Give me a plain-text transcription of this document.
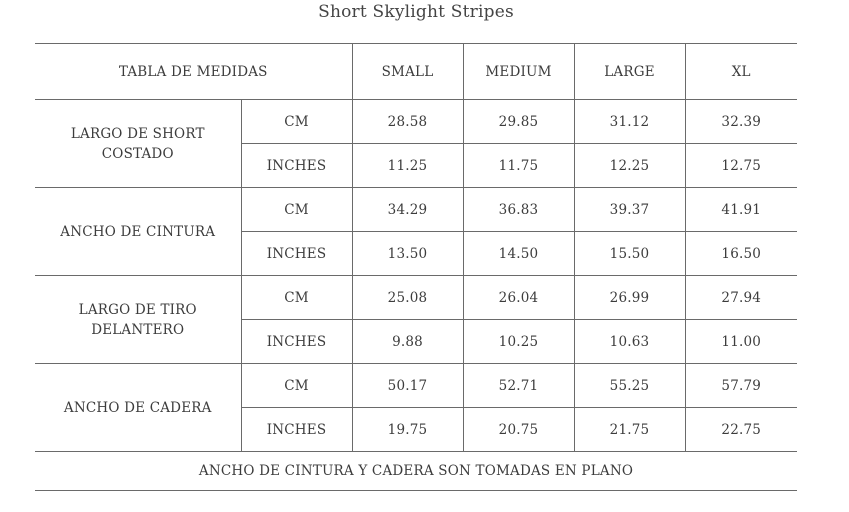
Short Skylight Stripes
TABLA DE MEDIDAS		SMALL	MEDIUM	LARGE	XL
LARGO DE SHORT
COSTADO	CM	28.58	29.85	31.12	32.39
	INCHES	11.25	11.75	12.25	12.75
ANCHO DE CINTURA	CM	34.29	36.83	39.37	41.91
	INCHES	13.50	14.50	15.50	16.50
LARGO DE TIRO
DELANTERO	CM	25.08	26.04	26.99	27.94
	INCHES	9.88	10.25	10.63	11.00
ANCHO DE CADERA	CM	50.17	52.71	55.25	57.79
	INCHES	19.75	20.75	21.75	22.75
ANCHO DE CINTURA Y CADERA SON TOMADAS EN PLANO					
